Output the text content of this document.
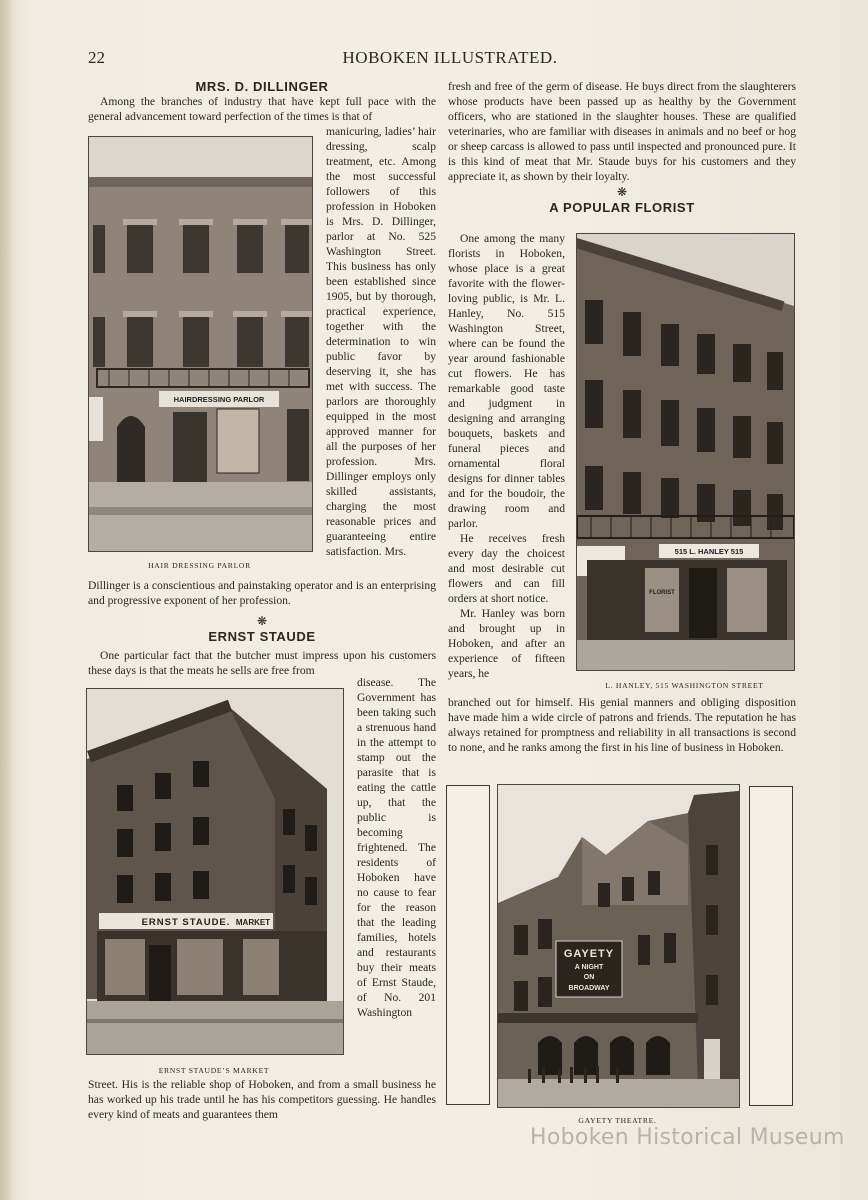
22	HOBOKEN ILLUSTRATED.
MRS. D. DILLINGER

Among the branches of industry that have kept full pace with the general advancement toward perfection of the times is that of

HAIRDRESSING PARLOR
HAIR DRESSING PARLOR

manicuring, ladies’ hair dressing, scalp treatment, etc. Among the most successful followers of this profession in Hoboken is Mrs. D. Dillinger, parlor at No. 525 Washington Street. This business has only been established since 1905, but by thorough, practical experience, together with the determination to win public favor by deserving it, she has met with success. The parlors are thoroughly equipped in the most approved manner for all the purposes of her profession. Mrs. Dillinger employs only skilled assistants, charging the most reasonable prices and guaranteeing entire satisfaction. Mrs.

Dillinger is a conscientious and painstaking operator and is an enterprising and progressive exponent of her profession.

❋
ERNST STAUDE

One particular fact that the butcher must impress upon his customers these days is that the meats he sells are free from

ERNST STAUDE. MARKET
ERNST STAUDE’S MARKET

disease. The Government has been taking such a strenuous hand in the attempt to stamp out the parasite that is eating the cattle up, that the public is becoming frightened. The residents of Hoboken have no cause to fear for the reason that the leading families, hotels and restaurants buy their meats of Ernst Staude, of No. 201 Washington

Street. His is the reliable shop of Hoboken, and from a small business he has worked up his trade until he has his competitors guessing. He handles every kind of meats and guarantees them

fresh and free of the germ of disease. He buys direct from the slaughterers whose products have been passed up as healthy by the Government officers, who are stationed in the slaughter houses. These are qualified veterinaries, who are familiar with diseases in animals and no beef or hog or sheep carcass is allowed to pass until inspected and pronounced pure. It is this kind of meat that Mr. Staude buys for his customers and they appreciate it, as shown by their loyalty.

❋
A POPULAR FLORIST

One among the many florists in Hoboken, whose place is a great favorite with the flower-loving public, is Mr. L. Hanley, No. 515 Washington Street, where can be found the year around fashionable cut flowers. He has remarkable good taste and judgment in designing and arranging bouquets, baskets and funeral pieces and ornamental floral designs for dinner tables and for the boudoir, the drawing room and parlor.

He receives fresh every day the choicest and most desirable cut flowers and can fill orders at short notice.

Mr. Hanley was born and brought up in Hoboken, and after an experience of fifteen years, he

515 L. HANLEY 515
FLORIST
L. HANLEY, 515 WASHINGTON STREET

branched out for himself. His genial manners and obliging disposition have made him a wide circle of patrons and friends. The reputation he has always retained for promptness and reliability in all transactions is second to none, and he ranks among the first in his line of business in Hoboken.

GAYETY
A NIGHT
ON
BROADWAY
GAYETY THEATRE.
Hoboken Historical Museum
